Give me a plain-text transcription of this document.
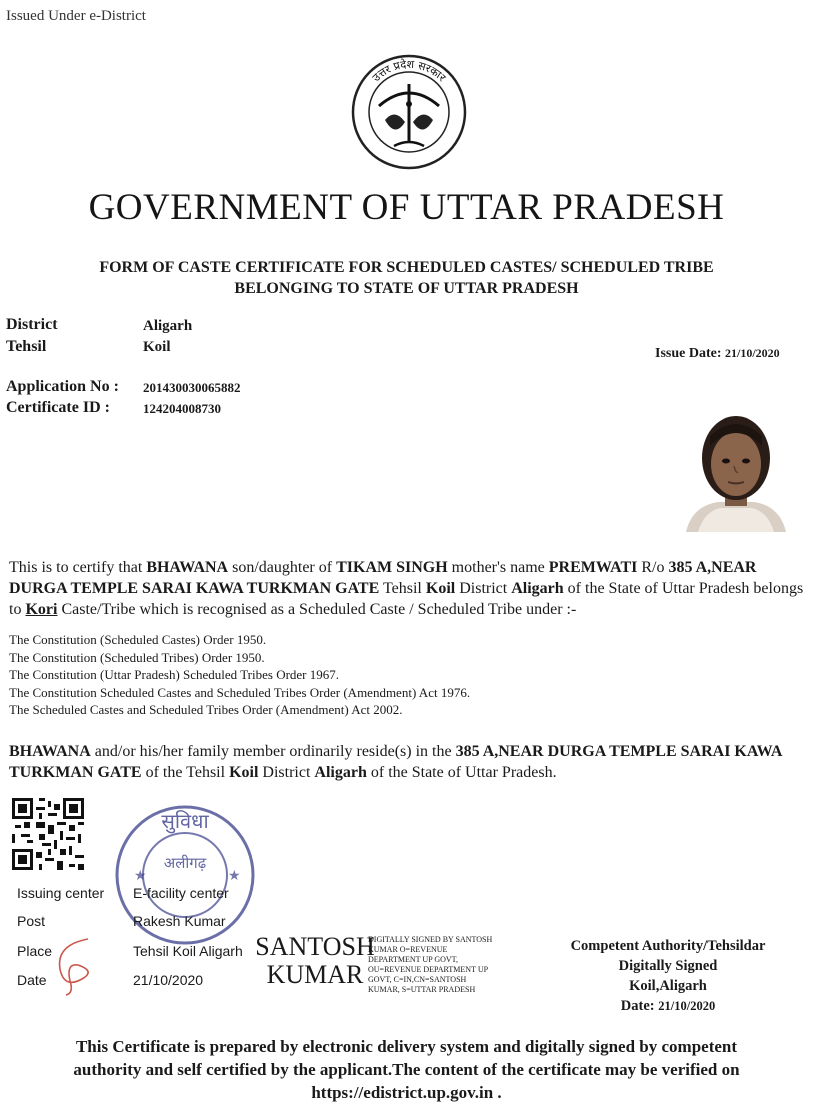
Issued Under e-District
उत्तर प्रदेश सरकार
GOVERNMENT OF UTTAR PRADESH
FORM OF CASTE CERTIFICATE FOR SCHEDULED CASTES/ SCHEDULED TRIBE
BELONGING TO STATE OF UTTAR PRADESH
District	Aligarh
Tehsil	Koil	Issue Date: 21/10/2020
Application No : 201430030065882
Certificate ID :	124204008730
This is to certify that BHAWANA son/daughter of TIKAM SINGH mother's name PREMWATI R/o 385 A,NEAR DURGA TEMPLE SARAI KAWA TURKMAN GATE Tehsil Koil District Aligarh of the State of Uttar Pradesh belongs to Kori Caste/Tribe which is recognised as a Scheduled Caste / Scheduled Tribe under :-
The Constitution (Scheduled Castes) Order 1950.
The Constitution (Scheduled Tribes) Order 1950.
The Constitution (Uttar Pradesh) Scheduled Tribes Order 1967.
The Constitution Scheduled Castes and Scheduled Tribes Order (Amendment) Act 1976.
The Scheduled Castes and Scheduled Tribes Order (Amendment) Act 2002.
BHAWANA and/or his/her family member ordinarily reside(s) in the 385 A,NEAR DURGA TEMPLE SARAI KAWA TURKMAN GATE of the Tehsil Koil District Aligarh of the State of Uttar Pradesh.
सुविधा
अलीगढ़
★	★
Issuing center E-facility center
Post	Rakesh Kumar
Place	Tehsil Koil Aligarh
Date	21/10/2020
SANTOSH
KUMAR
DIGITALLY SIGNED BY SANTOSH
KUMAR O=REVENUE
DEPARTMENT UP GOVT,
OU=REVENUE DEPARTMENT UP
GOVT, C=IN,CN=SANTOSH
KUMAR, S=UTTAR PRADESH
Competent Authority/Tehsildar
Digitally Signed
Koil,Aligarh
Date: 21/10/2020
This Certificate is prepared by electronic delivery system and digitally signed by competent
authority and self certified by the applicant.The content of the certificate may be verified on
https://edistrict.up.gov.in .
